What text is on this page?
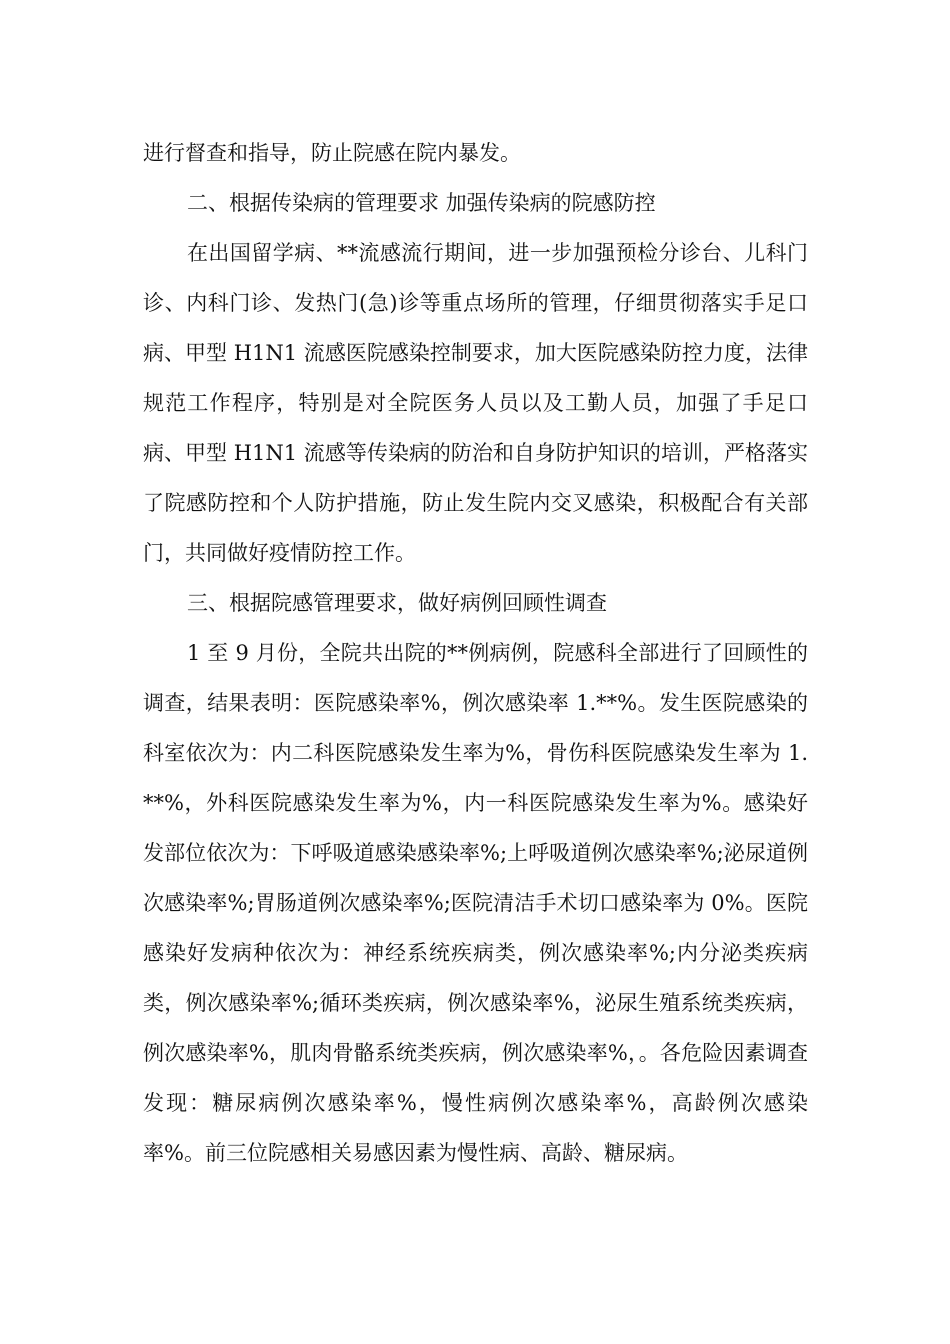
进行督查和指导，防止院感在院内暴发。

二、根据传染病的管理要求 加强传染病的院感防控

在出国留学病、**流感流行期间，进一步加强预检分诊台、儿科门诊、内科门诊、发热门(急)诊等重点场所的管理，仔细贯彻落实手足口病、甲型 H1N1 流感医院感染控制要求，加大医院感染防控力度，法律规范工作程序，特别是对全院医务人员以及工勤人员，加强了手足口病、甲型 H1N1 流感等传染病的防治和自身防护知识的培训，严格落实了院感防控和个人防护措施，防止发生院内交叉感染，积极配合有关部门，共同做好疫情防控工作。

三、根据院感管理要求，做好病例回顾性调查

1 至 9 月份，全院共出院的**例病例，院感科全部进行了回顾性的调查，结果表明：医院感染率%，例次感染率 1.**%。发生医院感染的科室依次为：内二科医院感染发生率为%，骨伤科医院感染发生率为 1.**%，外科医院感染发生率为%，内一科医院感染发生率为%。感染好发部位依次为：下呼吸道感染感染率%;上呼吸道例次感染率%;泌尿道例次感染率%;胃肠道例次感染率%;医院清洁手术切口感染率为 0%。医院感染好发病种依次为：神经系统疾病类，例次感染率%;内分泌类疾病类，例次感染率%;循环类疾病，例次感染率%，泌尿生殖系统类疾病，例次感染率%，肌肉骨骼系统类疾病，例次感染率%，。各危险因素调查发现：糖尿病例次感染率%，慢性病例次感染率%，高龄例次感染率%。前三位院感相关易感因素为慢性病、高龄、糖尿病。
